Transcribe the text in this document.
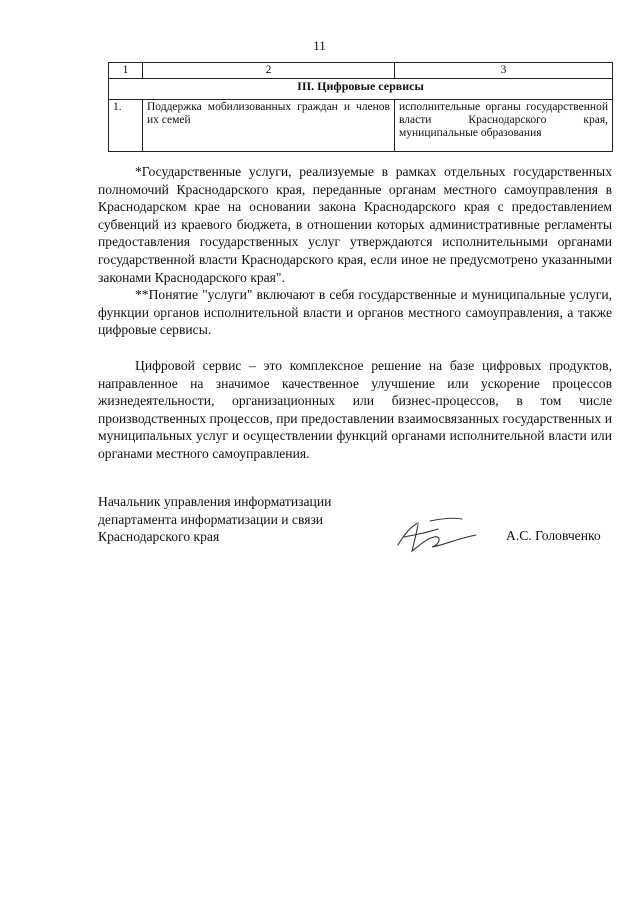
11
1	2	3
III. Цифровые сервисы		
1.	Поддержка мобилизованных граждан и членов их семей	исполнительные органы государственной власти Краснодарского края, муниципальные образования

*Государственные услуги, реализуемые в рамках отдельных государственных полномочий Краснодарского края, переданные органам местного самоуправления в Краснодарском крае на основании закона Краснодарского края с предоставлением субвенций из краевого бюджета, в отношении которых административные регламенты предоставления государственных услуг утверждаются исполнительными органами государственной власти Краснодарского края, если иное не предусмотрено указанными законами Краснодарского края".

**Понятие "услуги" включают в себя государственные и муниципальные услуги, функции органов исполнительной власти и органов местного самоуправления, а также цифровые сервисы.

Цифровой сервис – это комплексное решение на базе цифровых продуктов, направленное на значимое качественное улучшение или ускорение процессов жизнедеятельности, организационных или бизнес-процессов, в том числе производственных процессов, при предоставлении взаимосвязанных государственных и муниципальных услуг и осуществлении функций органами исполнительной власти или органами местного самоуправления.

Начальник управления информатизации
департамента информатизации и связи
Краснодарского края	А.С. Головченко
